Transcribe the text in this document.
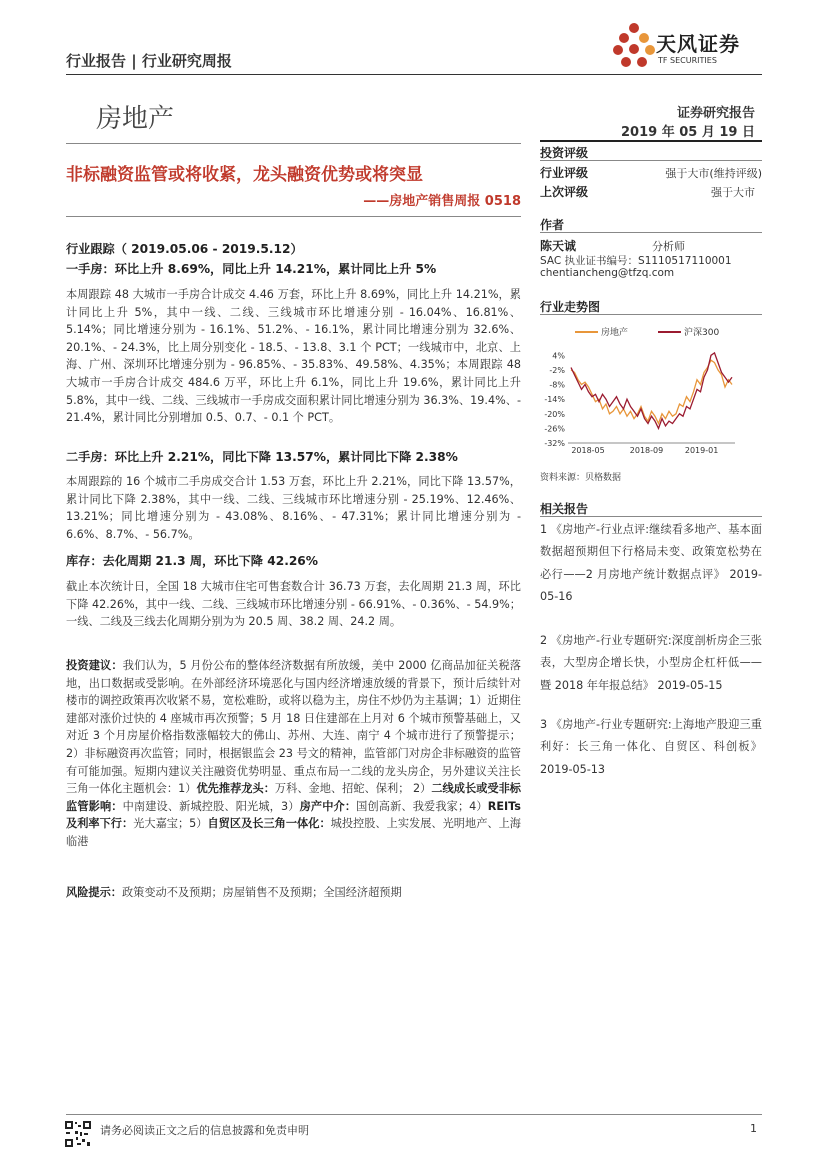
行业报告 | 行业研究周报
天风证券
TF SECURITIES
房地产	证券研究报告
2019 年 05 月 19 日
非标融资监管或将收紧，龙头融资优势或将突显
——房地产销售周报 0518
投资评级
行业评级	强于大市(维持评级)
上次评级	强于大市
作者
陈天诚	分析师
SAC 执业证书编号：S1110517110001
chentiancheng@tfzq.com
行业走势图
房地产	沪深300
4%
-2%
-8%
-14%
-20%
-26%
-32%
2018-05	2018-09	2019-01
资料来源：贝格数据
相关报告
1 《房地产-行业点评:继续看多地产、基本面数据超预期但下行格局未变、政策宽松势在必行——2 月房地产统计数据点评》 2019-05-16
2 《房地产-行业专题研究:深度剖析房企三张表，大型房企增长快，小型房企杠杆低——暨 2018 年年报总结》 2019-05-15
3 《房地产-行业专题研究:上海地产股迎三重利好：长三角一体化、自贸区、科创板》 2019-05-13
行业跟踪（ 2019.05.06 - 2019.5.12）
一手房：环比上升 8.69%，同比上升 14.21%，累计同比上升 5%
本周跟踪 48 大城市一手房合计成交 4.46 万套，环比上升 8.69%，同比上升 14.21%，累计同比上升 5%，其中一线、二线、三线城市环比增速分别 - 16.04%、16.81%、5.14%；同比增速分别为 - 16.1%、51.2%、- 16.1%，累计同比增速分别为 32.6%、20.1%、- 24.3%，比上周分别变化 - 18.5、- 13.8、3.1 个 PCT；一线城市中，北京、上海、广州、深圳环比增速分别为 - 96.85%、- 35.83%、49.58%、4.35%；本周跟踪 48 大城市一手房合计成交 484.6 万平，环比上升 6.1%，同比上升 19.6%，累计同比上升 5.8%，其中一线、二线、三线城市一手房成交面积累计同比增速分别为 36.3%、19.4%、- 21.4%，累计同比分别增加 0.5、0.7、- 0.1 个 PCT。
二手房：环比上升 2.21%，同比下降 13.57%，累计同比下降 2.38%
本周跟踪的 16 个城市二手房成交合计 1.53 万套，环比上升 2.21%，同比下降 13.57%，累计同比下降 2.38%，其中一线、二线、三线城市环比增速分别 - 25.19%、12.46%、13.21%；同比增速分别为 - 43.08%、8.16%、- 47.31%；累计同比增速分别为 - 6.6%、8.7%、- 56.7%。
库存：去化周期 21.3 周，环比下降 42.26%
截止本次统计日，全国 18 大城市住宅可售套数合计 36.73 万套，去化周期 21.3 周，环比下降 42.26%，其中一线、二线、三线城市环比增速分别 - 66.91%、- 0.36%、- 54.9%；一线、二线及三线去化周期分别为为 20.5 周、38.2 周、24.2 周。
投资建议：我们认为，5 月份公布的整体经济数据有所放缓，美中 2000 亿商品加征关税落地，出口数据或受影响。在外部经济环境恶化与国内经济增速放缓的背景下，预计后续针对楼市的调控政策再次收紧不易，宽松难盼，或将以稳为主，房住不炒仍为主基调；1）近期住建部对涨价过快的 4 座城市再次预警；5 月 18 日住建部在上月对 6 个城市预警基础上，又对近 3 个月房屋价格指数涨幅较大的佛山、苏州、大连、南宁 4 个城市进行了预警提示；2）非标融资再次监管；同时，根据银监会 23 号文的精神，监管部门对房企非标融资的监管有可能加强。短期内建议关注融资优势明显、重点布局一二线的龙头房企，另外建议关注长三角一体化主题机会：1）优先推荐龙头：万科、金地、招蛇、保利； 2）二线成长或受非标监管影响：中南建设、新城控股、阳光城，3）房产中介：国创高新、我爱我家；4）REITs 及利率下行：光大嘉宝；5）自贸区及长三角一体化：城投控股、上实发展、光明地产、上海临港
风险提示：政策变动不及预期；房屋销售不及预期；全国经济超预期
请务必阅读正文之后的信息披露和免责申明	1
